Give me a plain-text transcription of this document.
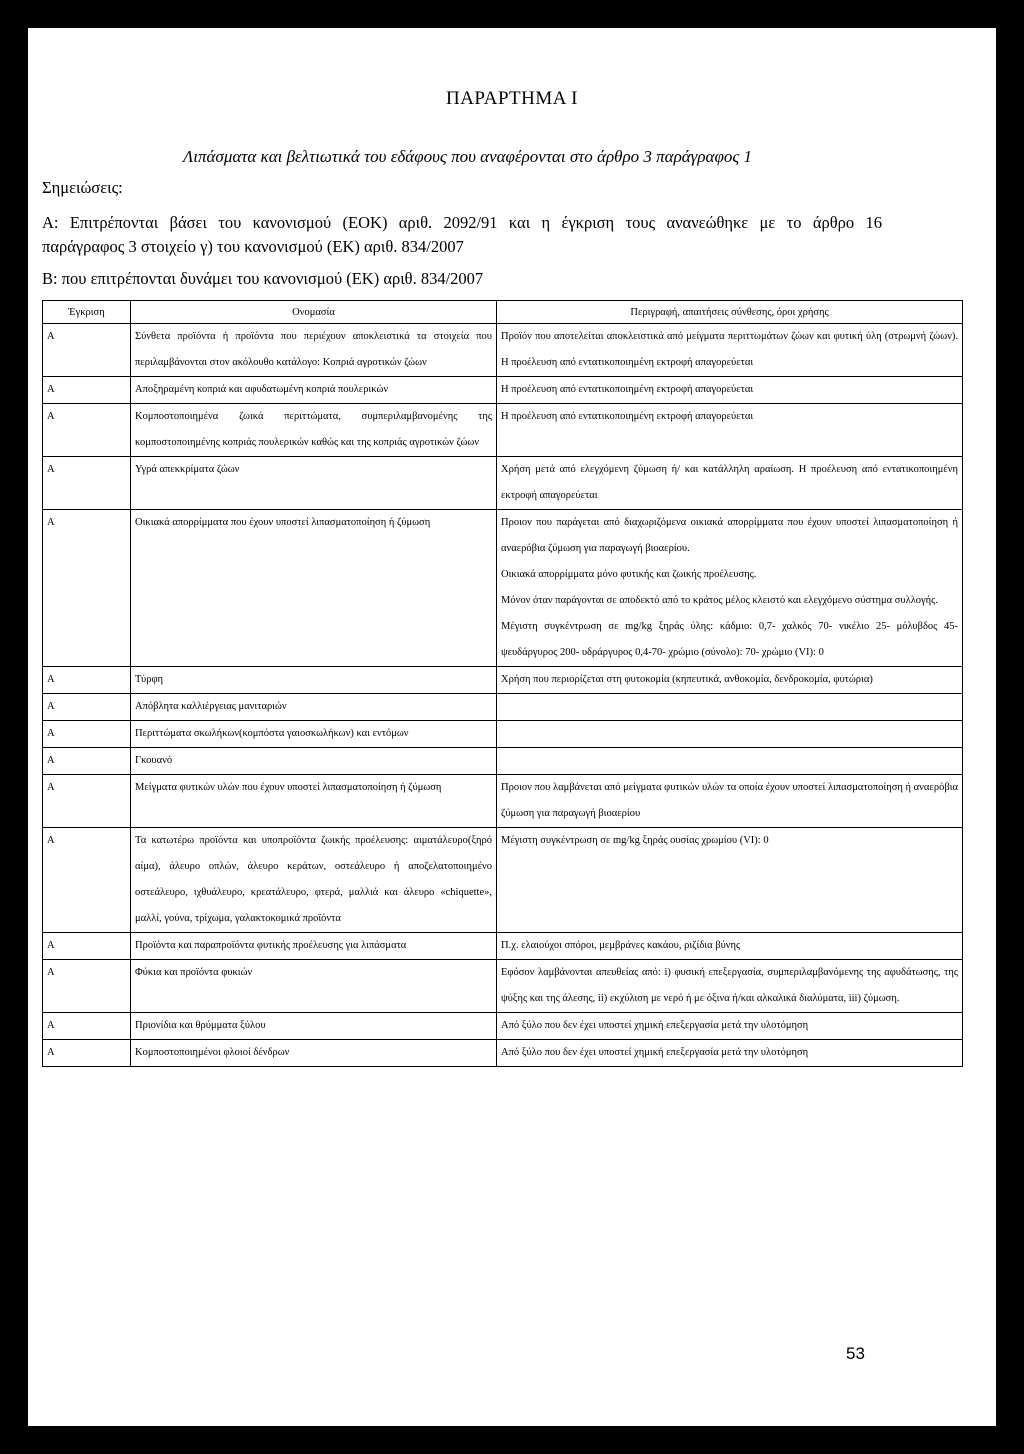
ΠΑΡΑΡΤΗΜΑ Ι

Λιπάσματα και βελτιωτικά του εδάφους που αναφέρονται στο άρθρο 3 παράγραφος 1

Σημειώσεις:
Α: Επιτρέπονται βάσει του κανονισμού (ΕΟΚ) αριθ. 2092/91 και η έγκριση τους ανανεώθηκε με το άρθρο 16
παράγραφος 3 στοιχείο γ) του κανονισμού (ΕΚ) αριθ. 834/2007
Β: που επιτρέπονται δυνάμει του κανονισμού (ΕΚ) αριθ. 834/2007
Έγκριση	Ονομασία	Περιγραφή, απαιτήσεις σύνθεσης, όροι χρήσης
Α	Σύνθετα προϊόντα ή προϊόντα που περιέχουν αποκλειστικά τα στοιχεία που περιλαμβάνονται στον ακόλουθο κατάλογο: Κοπριά αγροτικών ζώων	Προϊόν που αποτελείται αποκλειστικά από μείγματα περιττωμάτων ζώων και φυτική ύλη (στρωμνή ζώων). Η προέλευση από εντατικοποιημένη εκτροφή απαγορεύεται

Α	Αποξηραμένη κοπριά και αφυδατωμένη κοπριά πουλερικών	Η προέλευση από εντατικοποιημένη εκτροφή απαγορεύεται

Α	Κομποστοποιημένα ζωικά περιττώματα, συμπεριλαμβανομένης της κομποστοποιημένης κοπριάς πουλερικών καθώς και της κοπριάς αγροτικών ζώων	Η προέλευση από εντατικοποιημένη εκτροφή απαγορεύεται

Α	Υγρά απεκκρίματα ζώων	Χρήση μετά από ελεγχόμενη ζύμωση ή/ και κατάλληλη αραίωση. Η προέλευση από εντατικοποιημένη εκτροφή απαγορεύεται

Α	Οικιακά απορρίμματα που έχουν υποστεί λιπασματοποίηση ή ζύμωση	Προιον που παράγεται από διαχωριζόμενα οικιακά απορρίμματα που έχουν υποστεί λιπασματοποίηση ή αναερόβια ζύμωση για παραγωγή βιοαερίου.
Οικιακά απορρίμματα μόνο φυτικής και ζωικής προέλευσης.
Μόνον όταν παράγονται σε αποδεκτό από το κράτος μέλος κλειστό και ελεγχόμενο σύστημα συλλογής.
Μέγιστη συγκέντρωση σε mg/kg ξηράς ύλης: κάδμιο: 0,7- χαλκός 70- νικέλιο 25- μόλυβδος 45- ψευδάργυρος 200- υδράργυρος 0,4-70- χρώμιο (σύνολο): 70- χρώμιο (VI): 0

Α	Τύρφη	Χρήση που περιορίζεται στη φυτοκομία (κηπευτικά, ανθοκομία, δενδροκομία, φυτώρια)

Α	Απόβλητα καλλιέργειας μανιταριών	
Α	Περιττώματα σκωλήκων(κομπόστα γαιοσκωλήκων) και εντόμων	
Α	Γκουανό	
Α	Μείγματα φυτικών υλών που έχουν υποστεί λιπασματοποίηση ή ζύμωση	Προιον που λαμβάνεται από μείγματα φυτικών υλών τα οποία έχουν υποστεί λιπασματοποίηση ή αναερόβια ζύμωση για παραγωγή βιοαερίου

Α	Τα κατωτέρω προϊόντα και υποπροϊόντα ζωικής προέλευσης: αιματάλευρο(ξηρό αίμα), άλευρο οπλών, άλευρο κεράτων, οστεάλευρο ή αποζελατοποιημένο οστεάλευρο, ιχθυάλευρο, κρεατάλευρο, φτερά, μαλλιά και άλευρο «chiquette», μαλλί, γούνα, τρίχωμα, γαλακτοκομικά προϊόντα	Μέγιστη συγκέντρωση σε mg/kg ξηράς ουσίας χρωμίου (VI): 0

Α	Προϊόντα και παραπροϊόντα φυτικής προέλευσης για λιπάσματα	Π.χ. ελαιούχοι σπόροι, μεμβράνες κακάου, ριζίδια βύνης

Α	Φύκια και προϊόντα φυκιών	Εφόσον λαμβάνονται απευθείας από: i) φυσική επεξεργασία, συμπεριλαμβανόμενης της αφυδάτωσης, της ψύξης και της άλεσης, ii) εκχύλιση με νερό ή με όξινα ή/και αλκαλικά διαλύματα, iii) ζύμωση.

Α	Πριονίδια και θρύμματα ξύλου	Από ξύλο που δεν έχει υποστεί χημική επεξεργασία μετά την υλοτόμηση

Α	Κομποστοποιημένοι φλοιοί δένδρων	Από ξύλο που δεν έχει υποστεί χημική επεξεργασία μετά την υλοτόμηση
53
